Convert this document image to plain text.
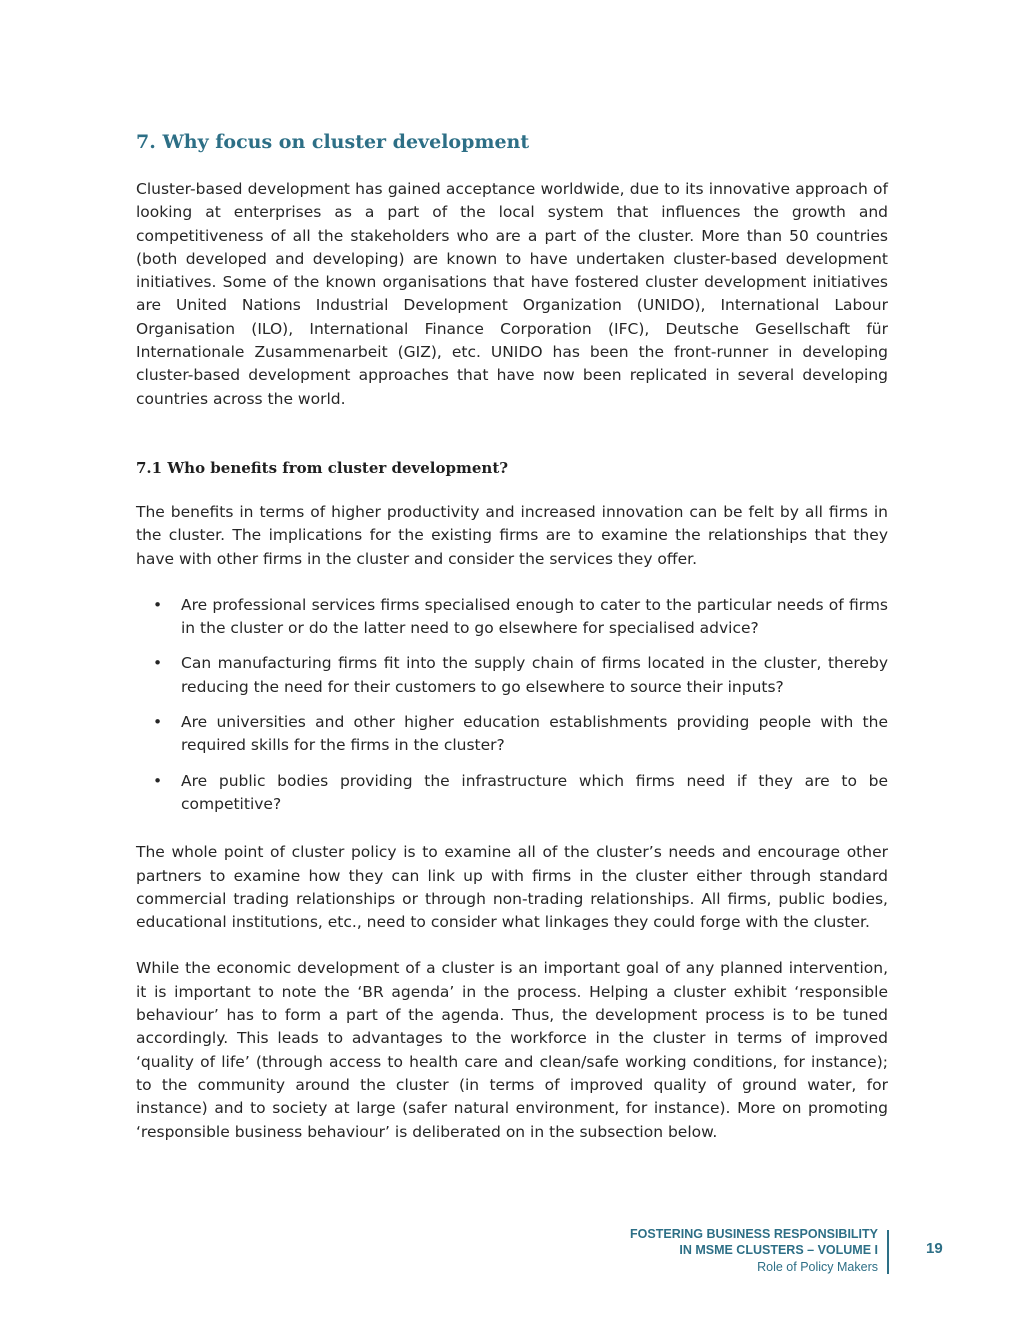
7. Why focus on cluster development

Cluster-based development has gained acceptance worldwide, due to its innovative approach of looking at enterprises as a part of the local system that influences the growth and competitiveness of all the stakeholders who are a part of the cluster. More than 50 countries (both developed and developing) are known to have undertaken cluster-based development initiatives. Some of the known organisations that have fostered cluster development initiatives are United Nations Industrial Development Organization (UNIDO), International Labour Organisation (ILO), International Finance Corporation (IFC), Deutsche Gesellschaft für Internationale Zusammenarbeit (GIZ), etc. UNIDO has been the front-runner in developing cluster-based development approaches that have now been replicated in several developing countries across the world.

7.1 Who benefits from cluster development?

The benefits in terms of higher productivity and increased innovation can be felt by all firms in the cluster. The implications for the existing firms are to examine the relationships that they have with other firms in the cluster and consider the services they offer.

• Are professional services firms specialised enough to cater to the particular needs of firms in the cluster or do the latter need to go elsewhere for specialised advice?

• Can manufacturing firms fit into the supply chain of firms located in the cluster, thereby reducing the need for their customers to go elsewhere to source their inputs?

• Are universities and other higher education establishments providing people with the required skills for the firms in the cluster?

• Are public bodies providing the infrastructure which firms need if they are to be competitive?

The whole point of cluster policy is to examine all of the cluster’s needs and encourage other partners to examine how they can link up with firms in the cluster either through standard commercial trading relationships or through non-trading relationships. All firms, public bodies, educational institutions, etc., need to consider what linkages they could forge with the cluster.

While the economic development of a cluster is an important goal of any planned intervention, it is important to note the ‘BR agenda’ in the process. Helping a cluster exhibit ‘responsible behaviour’ has to form a part of the agenda. Thus, the development process is to be tuned accordingly. This leads to advantages to the workforce in the cluster in terms of improved ‘quality of life’ (through access to health care and clean/safe working conditions, for instance); to the community around the cluster (in terms of improved quality of ground water, for instance) and to society at large (safer natural environment, for instance). More on promoting ‘responsible business behaviour’ is deliberated on in the subsection below.

FOSTERING BUSINESS RESPONSIBILITY
IN MSME CLUSTERS – VOLUME I
Role of Policy Makers
19
